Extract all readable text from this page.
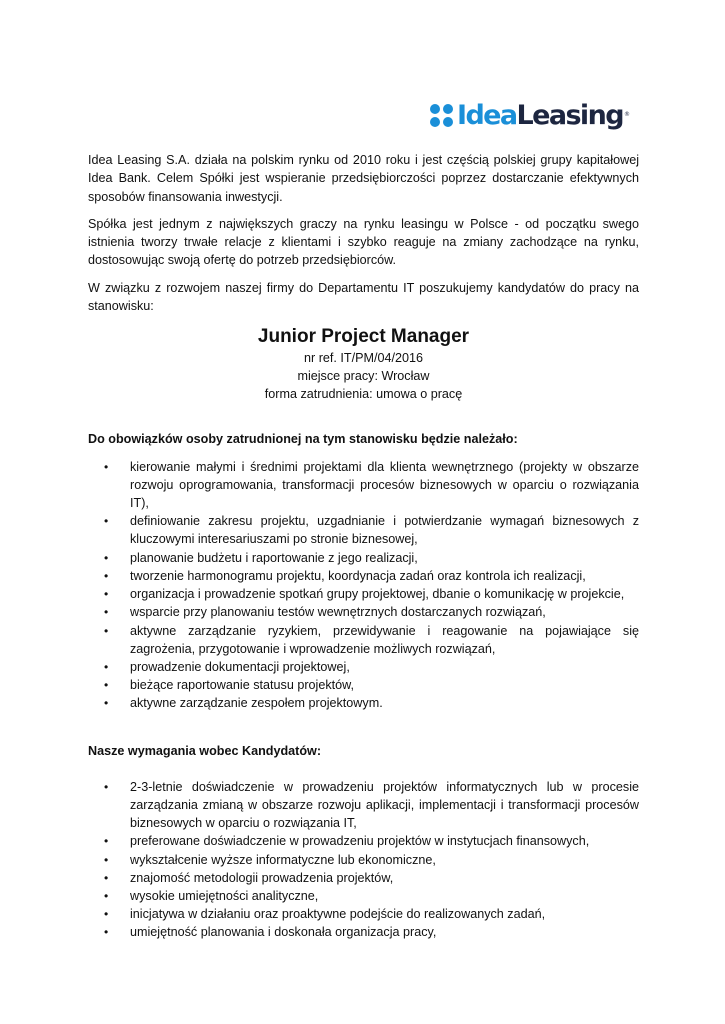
Idea Leasing ®

Idea Leasing S.A. działa na polskim rynku od 2010 roku i jest częścią polskiej grupy kapitałowej Idea Bank. Celem Spółki jest wspieranie przedsiębiorczości poprzez dostarczanie efektywnych sposobów finansowania inwestycji.

Spółka jest jednym z największych graczy na rynku leasingu w Polsce - od początku swego istnienia tworzy trwałe relacje z klientami i szybko reaguje na zmiany zachodzące na rynku, dostosowując swoją ofertę do potrzeb przedsiębiorców.

W związku z rozwojem naszej firmy do Departamentu IT poszukujemy kandydatów do pracy na stanowisku:

Junior Project Manager
nr ref. IT/PM/04/2016
miejsce pracy: Wrocław
forma zatrudnienia: umowa o pracę
Do obowiązków osoby zatrudnionej na tym stanowisku będzie należało:
• kierowanie małymi i średnimi projektami dla klienta wewnętrznego (projekty w obszarze rozwoju oprogramowania, transformacji procesów biznesowych w oparciu o rozwiązania IT),
• definiowanie zakresu projektu, uzgadnianie i potwierdzanie wymagań biznesowych z kluczowymi interesariuszami po stronie biznesowej,
• planowanie budżetu i raportowanie z jego realizacji,
• tworzenie harmonogramu projektu, koordynacja zadań oraz kontrola ich realizacji,
• organizacja i prowadzenie spotkań grupy projektowej, dbanie o komunikację w projekcie,
• wsparcie przy planowaniu testów wewnętrznych dostarczanych rozwiązań,
• aktywne zarządzanie ryzykiem, przewidywanie i reagowanie na pojawiające się zagrożenia, przygotowanie i wprowadzenie możliwych rozwiązań,
• prowadzenie dokumentacji projektowej,
• bieżące raportowanie statusu projektów,
• aktywne zarządzanie zespołem projektowym.
Nasze wymagania wobec Kandydatów:
• 2-3-letnie doświadczenie w prowadzeniu projektów informatycznych lub w procesie zarządzania zmianą w obszarze rozwoju aplikacji, implementacji i transformacji procesów biznesowych w oparciu o rozwiązania IT,
• preferowane doświadczenie w prowadzeniu projektów w instytucjach finansowych,
• wykształcenie wyższe informatyczne lub ekonomiczne,
• znajomość metodologii prowadzenia projektów,
• wysokie umiejętności analityczne,
• inicjatywa w działaniu oraz proaktywne podejście do realizowanych zadań,
• umiejętność planowania i doskonała organizacja pracy,
